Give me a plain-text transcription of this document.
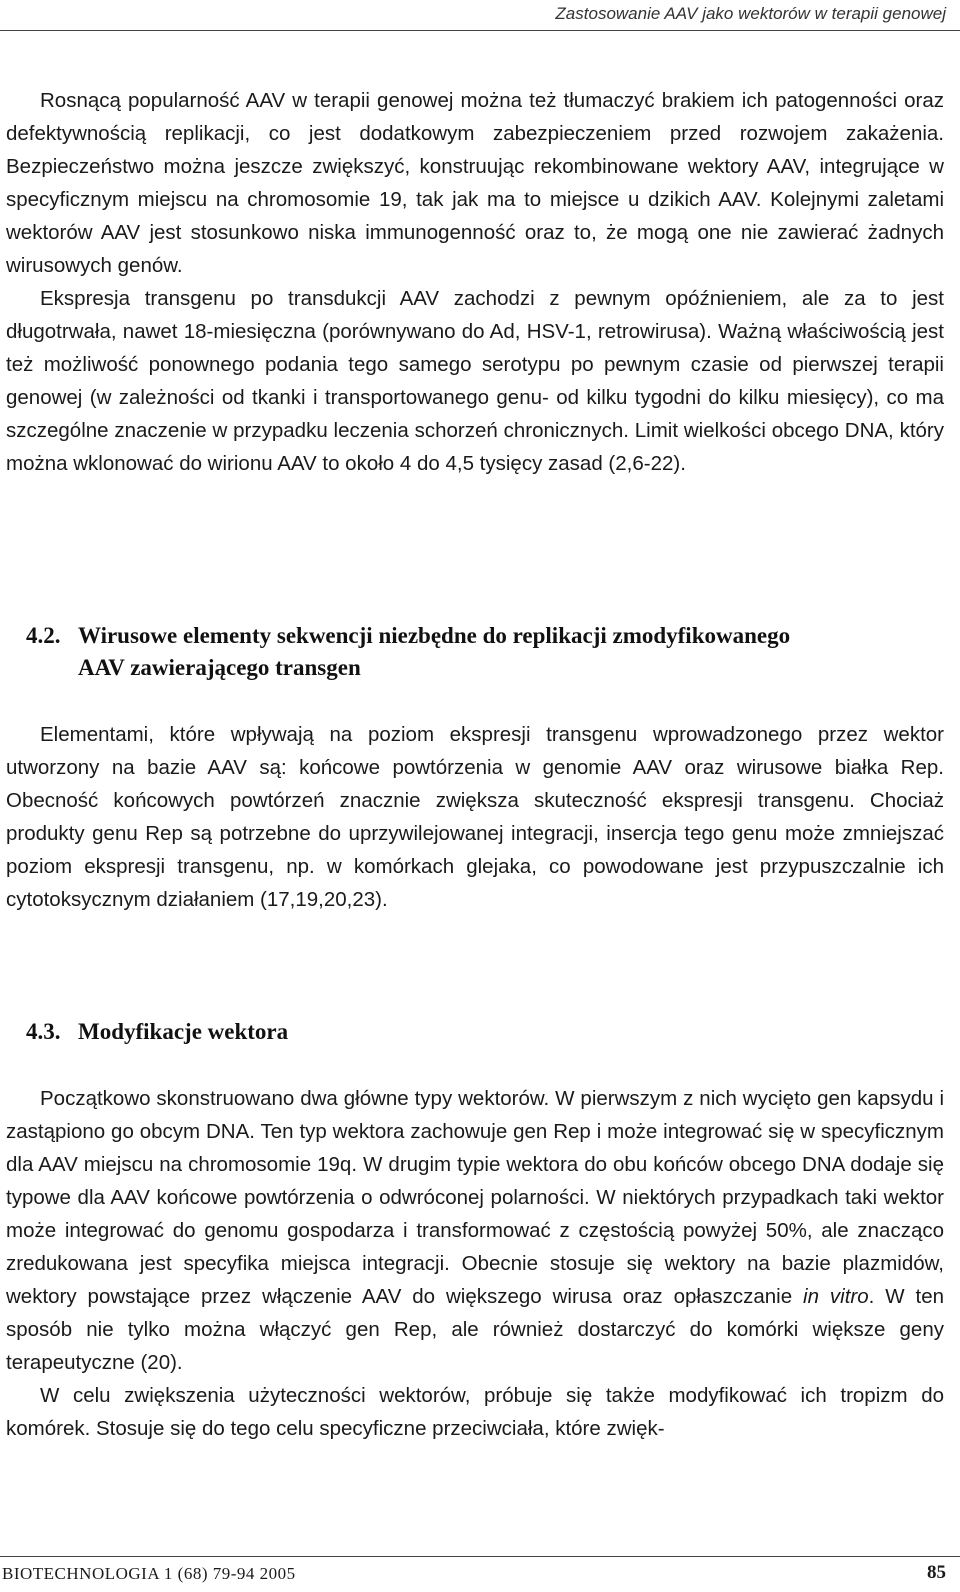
Zastosowanie AAV jako wektorów w terapii genowej

Rosnącą popularność AAV w terapii genowej można też tłumaczyć brakiem ich patogenności oraz defektywnością replikacji, co jest dodatkowym zabezpieczeniem przed rozwojem zakażenia. Bezpieczeństwo można jeszcze zwiększyć, konstruując rekombinowane wektory AAV, integrujące w specyficznym miejscu na chromosomie 19, tak jak ma to miejsce u dzikich AAV. Kolejnymi zaletami wektorów AAV jest stosunkowo niska immunogenność oraz to, że mogą one nie zawierać żadnych wirusowych genów.

Ekspresja transgenu po transdukcji AAV zachodzi z pewnym opóźnieniem, ale za to jest długotrwała, nawet 18-miesięczna (porównywano do Ad, HSV-1, retrowirusa). Ważną właściwością jest też możliwość ponownego podania tego samego serotypu po pewnym czasie od pierwszej terapii genowej (w zależności od tkanki i transportowanego genu- od kilku tygodni do kilku miesięcy), co ma szczególne znaczenie w przypadku leczenia schorzeń chronicznych. Limit wielkości obcego DNA, który można wklonować do wirionu AAV to około 4 do 4,5 tysięcy zasad (2,6-22).

4.2. Wirusowe elementy sekwencji niezbędne do replikacji zmodyfikowanego
AAV zawierającego transgen

Elementami, które wpływają na poziom ekspresji transgenu wprowadzonego przez wektor utworzony na bazie AAV są: końcowe powtórzenia w genomie AAV oraz wirusowe białka Rep. Obecność końcowych powtórzeń znacznie zwiększa skuteczność ekspresji transgenu. Chociaż produkty genu Rep są potrzebne do uprzywilejowanej integracji, insercja tego genu może zmniejszać poziom ekspresji transgenu, np. w komórkach glejaka, co powodowane jest przypuszczalnie ich cytotoksycznym działaniem (17,19,20,23).

4.3. Modyfikacje wektora

Początkowo skonstruowano dwa główne typy wektorów. W pierwszym z nich wycięto gen kapsydu i zastąpiono go obcym DNA. Ten typ wektora zachowuje gen Rep i może integrować się w specyficznym dla AAV miejscu na chromosomie 19q. W drugim typie wektora do obu końców obcego DNA dodaje się typowe dla AAV końcowe powtórzenia o odwróconej polarności. W niektórych przypadkach taki wektor może integrować do genomu gospodarza i transformować z częstością powyżej 50%, ale znacząco zredukowana jest specyfika miejsca integracji. Obecnie stosuje się wektory na bazie plazmidów, wektory powstające przez włączenie AAV do większego wirusa oraz opłaszczanie in vitro. W ten sposób nie tylko można włączyć gen Rep, ale również dostarczyć do komórki większe geny terapeutyczne (20).

W celu zwiększenia użyteczności wektorów, próbuje się także modyfikować ich tropizm do komórek. Stosuje się do tego celu specyficzne przeciwciała, które zwięk-

BIOTECHNOLOGIA 1 (68) 79-94 2005	85
